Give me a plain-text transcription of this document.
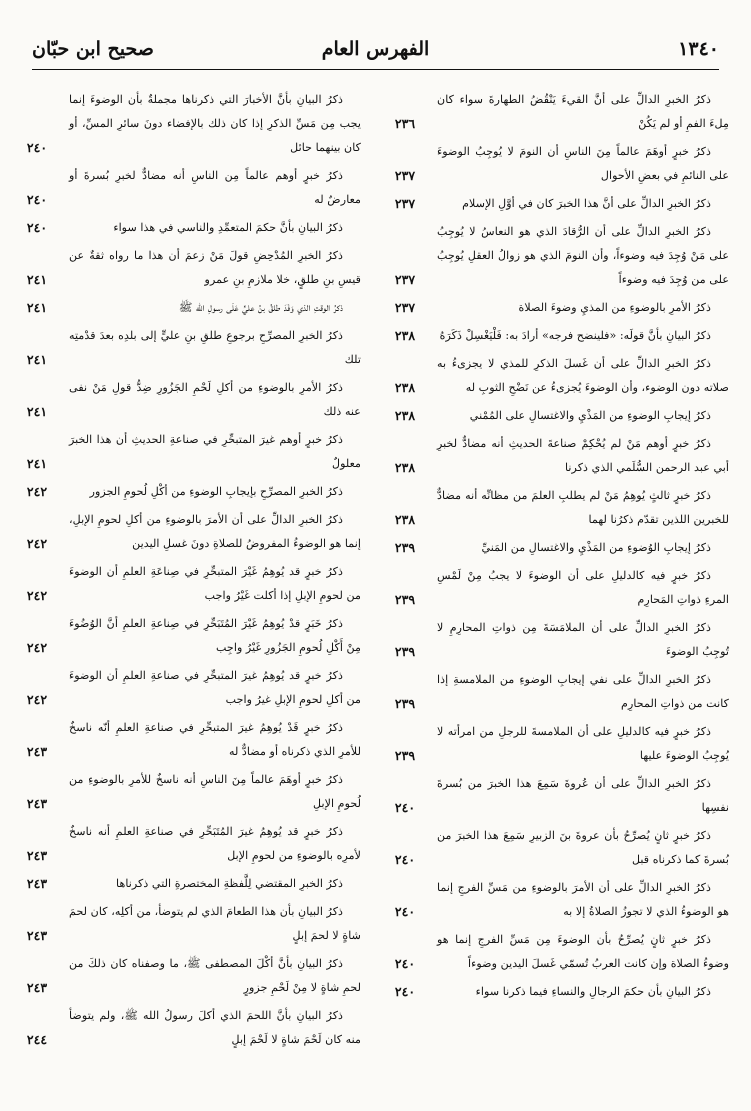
١٣٤٠
الفهرس العام
صحيح ابن حبّان

ذكرُ الخبرِ الدالِّ على أنَّ القيءَ يَنْقُضُ الطهارةَ سواء كان مِلءَ الفمِ أو لم يَكُنْ

٢٣٦

ذكرُ خبرٍ أوهَمَ عالماً مِنَ الناسِ أن النومَ لا يُوجِبُ الوضوءَ على النائمِ في بعضِ الأحوال

٢٣٧

ذكرُ الخبرِ الدالِّ على أنَّ هذا الخبرَ كان في أوَّلِ الإسلام

٢٣٧

ذكرُ الخبرِ الدالِّ على أن الرُّقادَ الذي هو النعاسُ لا يُوجِبُ على مَنْ وُجِدَ فيه وضوءاً، وأن النومَ الذي هو زوالُ العقلِ يُوجِبُ على من وُجِدَ فيه وضوءاً

٢٣٧

ذكرُ الأمرِ بالوضوءِ من المذيِ وضوءَ الصلاة

٢٣٧

ذكرُ البيانِ بأنَّ قولَه: «فلينضح فرجه» أرادَ به: فَلْيَغْسِلْ ذَكَرَهُ

٢٣٨

ذكرُ الخبرِ الدالِّ على أن غَسلَ الذكرِ للمذي لا يجزىءُ به صلاته دون الوضوء، وأن الوضوءَ يُجزىءُ عن نَضْحِ الثوبِ له

٢٣٨

ذكرُ إيجابِ الوضوءِ من المَذْيِ والاغتسالِ على المُمْني

٢٣٨

ذكرُ خبرٍ أوهم مَنْ لم يُحْكِمْ صناعةَ الحديثِ أنه مضادٌّ لخبرِ أبي عبد الرحمن السُّلَمي الذي ذكرنا

٢٣٨

ذكرُ خبرٍ ثالثٍ يُوهِمُ مَنْ لم يطلبِ العلمَ من مظانِّه أنه مضادٌّ للخبرين اللذين تقدّم ذكرُنا لهما

٢٣٨

ذكرُ إيجابِ الوُضوءِ من المَذْيِ والاغتسالِ من المَنيِّ

٢٣٩

ذكرُ خبرٍ فيه كالدليلِ على أن الوضوءَ لا يجبُ مِنْ لَمْسِ المرءِ ذواتِ المَحارِم

٢٣٩

ذكرُ الخبرِ الدالِّ على أن الملامَسَةَ مِن ذواتِ المحارِمِ لا تُوجِبُ الوضوءَ

٢٣٩

ذكرُ الخبرِ الدالِّ على نفي إيجابِ الوضوءِ من الملامسةِ إذا كانت من ذواتِ المحارِم

٢٣٩

ذكرُ خبرٍ فيه كالدليلِ على أن الملامسةَ للرجلِ من امرأته لا يُوجِبُ الوضوءَ عليها

٢٣٩

ذكرُ الخبرِ الدالِّ على أن عُروةَ سَمِعَ هذا الخبرَ من بُسرةَ نفسِها

٢٤٠

ذكرُ خبرٍ ثانٍ يُصرِّحُ بأن عروةَ بنَ الزبيرِ سَمِعَ هذا الخبرَ من بُسرةَ كما ذكرناه قبل

٢٤٠

ذكرُ الخبرِ الدالِّ على أن الأمرَ بالوضوءِ من مَسِّ الفرجِ إنما هو الوضوءُ الذي لا تجوزُ الصلاةُ إلا به

٢٤٠

ذكرُ خبرٍ ثانٍ يُصرِّحُ بأن الوضوءَ مِن مَسِّ الفرجِ إنما هو وضوءُ الصلاة وإن كانت العربُ تُسمّي غَسلَ اليدين وضوءاً

٢٤٠

ذكرُ البيانِ بأن حكمَ الرجالِ والنساءِ فيما ذكرنا سواء

٢٤٠

ذكرُ البيانِ بأنَّ الأخبارَ التي ذكرناها مجملةٌ بأن الوضوءَ إنما يجب مِن مَسِّ الذكرِ إذا كان ذلك بالإفضاء دونَ سائرِ المسِّ، أو كان بينهما حائل

٢٤٠

ذكرُ خبرٍ أوهم عالماً مِن الناسِ أنه مضادٌّ لخبرِ بُسرةَ أو معارضٌ له

٢٤٠

ذكرُ البيانِ بأنَّ حكمَ المتعمِّدِ والناسي في هذا سواء

٢٤٠

ذكرُ الخبرِ المُدْحِضِ قولَ مَنْ زعمَ أن هذا ما رواه ثقةٌ عن قيسِ بنِ طلقٍ، خلا ملازمِ بنِ عمرو

٢٤١

ذكرُ الوقتِ الذي وَفَدَ طلقُ بنُ عليٍّ عَلَى رسولِ الله ﷺ

٢٤١

ذكرُ الخبرِ المصرِّحِ برجوعِ طلقِ بنِ عليٍّ إلى بلدِه بعدَ قدْمتِه تلك

٢٤١

ذكرُ الأمرِ بالوضوءِ من أكلِ لَحْمِ الجَزُورِ ضِدُّ قولِ مَنْ نفى عنه ذلك

٢٤١

ذكرُ خبرٍ أوهم غيرَ المتبحِّرِ في صناعةِ الحديثِ أن هذا الخبرَ معلولٌ

٢٤١

ذكرُ الخبرِ المصرِّحِ بإيجابِ الوضوءِ من أكْلِ لُحومِ الجزور

٢٤٢

ذكرُ الخبرِ الدالِّ على أن الأمرَ بالوضوءِ من أكلِ لحومِ الإبلِ، إنما هو الوضوءُ المفروضُ للصلاةِ دونَ غسلِ اليدين

٢٤٢

ذكرُ خبرٍ قد يُوهِمُ غَيْرَ المتبحِّرِ في صِناعَةِ العلمِ أن الوضوءَ من لحومِ الإبلِ إذا أكلت غَيْرُ واجب

٢٤٢

ذكرُ خَبَرٍ قدْ يُوهِمُ غَيْرَ المُتَبَحِّرِ في صِناعةِ العلمِ أنَّ الوُضُوءَ مِنْ أَكْلِ لُحومِ الجَزُورِ غَيْرُ واجِب

٢٤٢

ذكرُ خبرٍ قد يُوهِمُ غيرَ المتبحِّرِ في صناعةِ العلمِ أن الوضوءَ من أكلِ لحومِ الإبلِ غيرُ واجب

٢٤٢

ذكرُ خبرٍ قَدْ يُوهِمُ غيرَ المتبحِّرِ في صناعةِ العلمِ أنّه ناسخٌ للأمرِ الذي ذكرناه أو مضادٌّ له

٢٤٣

ذكرُ خبرٍ أوهَمَ عالماً مِنَ الناسِ أنه ناسخٌ للأمرِ بالوضوءِ من لُحومِ الإبلِ

٢٤٣

ذكرُ خبرٍ قد يُوهِمُ غيرَ المُتَبَحِّرِ في صناعةِ العلمِ أنه ناسخٌ لأمرِه بالوضوءِ من لحومِ الإبل

٢٤٣

ذكرُ الخبرِ المقتضي لِلَّفظةِ المختصرةِ التي ذكرناها

٢٤٣

ذكرُ البيانِ بأن هذا الطعامَ الذي لم يتوضأ، من أكلِه، كان لحمَ شاةٍ لا لحمَ إبلٍ

٢٤٣

ذكرُ البيانِ بأنَّ أكْلَ المصطفى ﷺ، ما وصفناه كان ذلكَ من لحمِ شاةٍ لا مِنْ لَحْمِ جزورٍ

٢٤٣

ذكرُ البيانِ بأنَّ اللحمَ الذي أكلَ رسولُ الله ﷺ، ولم يتوضأ منه كان لَحْمَ شاةٍ لا لَحْمَ إبلٍ

٢٤٤
